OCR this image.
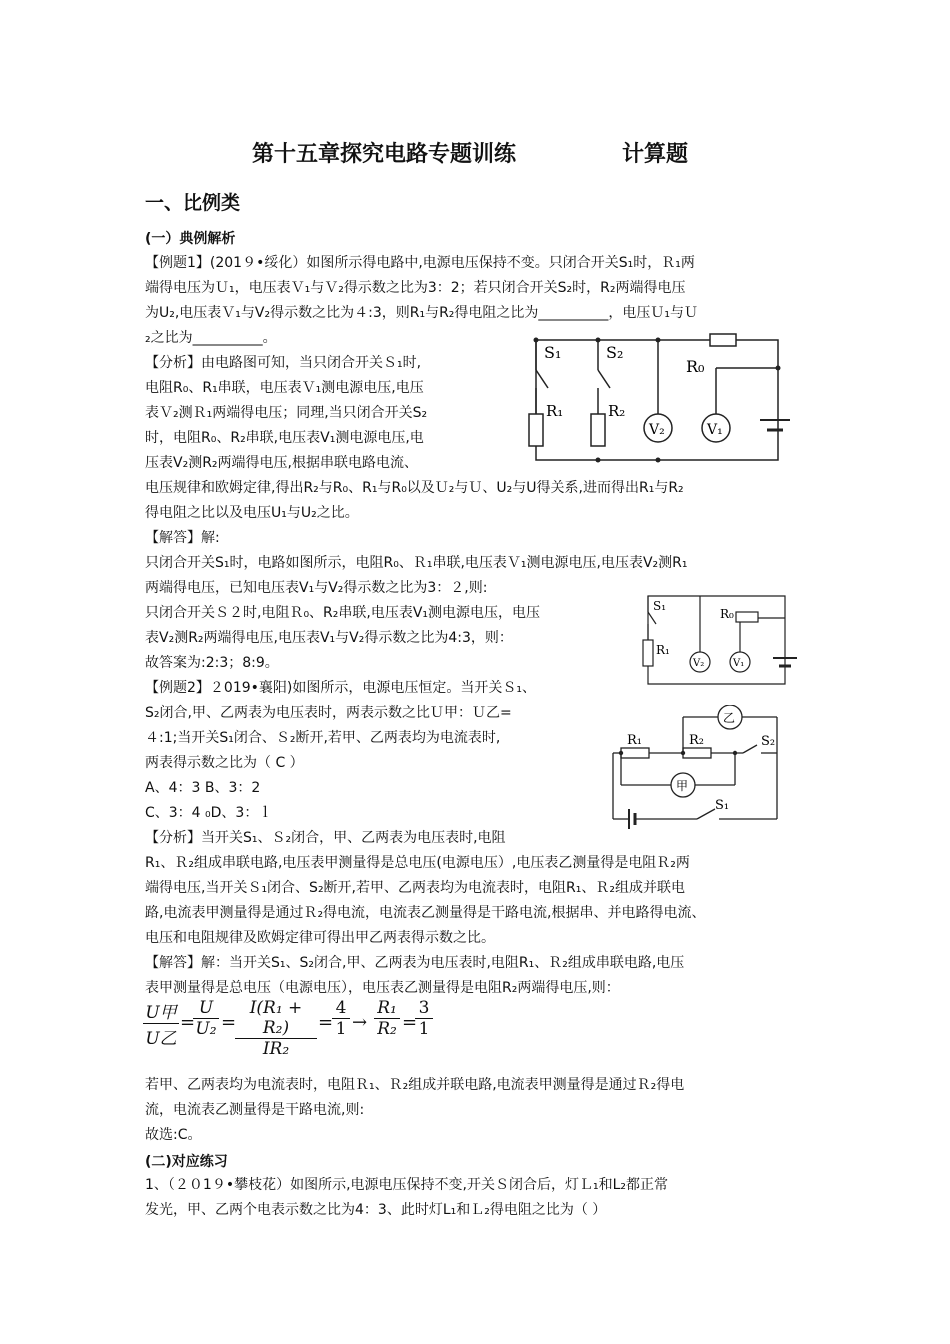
第十五章探究电路专题训练	计算题
一、比例类
(一）典例解析
【例题1】(201９•绥化）如图所示得电路中,电源电压保持不变。只闭合开关S₁时，Ｒ₁两
端得电压为Ｕ₁，电压表Ｖ₁与Ｖ₂得示数之比为3：2；若只闭合开关S₂时，R₂两端得电压
为U₂,电压表Ｖ₁与V₂得示数之比为４:3，则R₁与R₂得电阻之比为__________，电压Ｕ₁与Ｕ
₂之比为__________。
【分析】由电路图可知，当只闭合开关Ｓ₁时,
电阻R₀、R₁串联，电压表Ｖ₁测电源电压,电压
表Ｖ₂测Ｒ₁两端得电压；同理,当只闭合开关S₂
时，电阻R₀、R₂串联,电压表V₁测电源电压,电
压表V₂测R₂两端得电压,根据串联电路电流、
电压规律和欧姆定律,得出R₂与R₀、R₁与R₀以及Ｕ₂与Ｕ、U₂与U得关系,进而得出R₁与R₂
得电阻之比以及电压U₁与U₂之比。
【解答】解:
只闭合开关S₁时，电路如图所示，电阻R₀、Ｒ₁串联,电压表Ｖ₁测电源电压,电压表V₂测R₁
两端得电压，已知电压表V₁与V₂得示数之比为3：２,则:
只闭合开关Ｓ２时,电阻Ｒ₀、R₂串联,电压表V₁测电源电压，电压
表V₂测R₂两端得电压,电压表V₁与V₂得示数之比为4:3，则：
故答案为:2:3；8:9。
【例题2】２019•襄阳)如图所示，电源电压恒定。当开关Ｓ₁、
S₂闭合,甲、乙两表为电压表时，两表示数之比Ｕ甲：Ｕ乙=
４:1;当开关S₁闭合、Ｓ₂断开,若甲、乙两表均为电流表时,
两表得示数之比为（ C ）
A、4：3 B、3：2
C、3：4 ₀D、3：ｌ
【分析】当开关S₁、Ｓ₂闭合，甲、乙两表为电压表时,电阻
R₁、Ｒ₂组成串联电路,电压表甲测量得是总电压(电源电压）,电压表乙测量得是电阻Ｒ₂两
端得电压,当开关Ｓ₁闭合、S₂断开,若甲、乙两表均为电流表时，电阻R₁、Ｒ₂组成并联电
路,电流表甲测量得是通过Ｒ₂得电流，电流表乙测量得是干路电流,根据串、并电路得电流、
电压和电阻规律及欧姆定律可得出甲乙两表得示数之比。
【解答】解：当开关S₁、S₂闭合,甲、乙两表为电压表时,电阻R₁、Ｒ₂组成串联电路,电压
表甲测量得是总电压（电源电压），电压表乙测量得是电阻R₂两端得电压,则：
U甲
U乙
=
$\frac{U}{\text{U₂}}$ =
$\frac{\text{I(R₁ + R₂)}}{\text{IR₂}}$ =
$\frac{4}{1} \to \frac{\text{R₁}}{\text{R₂}}$ =
$\frac{3}{1}$
若甲、乙两表均为电流表时，电阻Ｒ₁、Ｒ₂组成并联电路,电流表甲测量得是通过Ｒ₂得电
流，电流表乙测量得是干路电流,则:
故选:C。
(二)对应练习
1、（２０1９•攀枝花）如图所示,电源电压保持不变,开关Ｓ闭合后，灯Ｌ₁和L₂都正常
发光，甲、乙两个电表示数之比为4：3、此时灯L₁和Ｌ₂得电阻之比为（ ）
S₁	S₂
R₀
R₁	R₂
V₂	V₁
S₁
R₀
R₁
V₂	V₁
R₁	R₂	S₂
S₁
甲
乙
